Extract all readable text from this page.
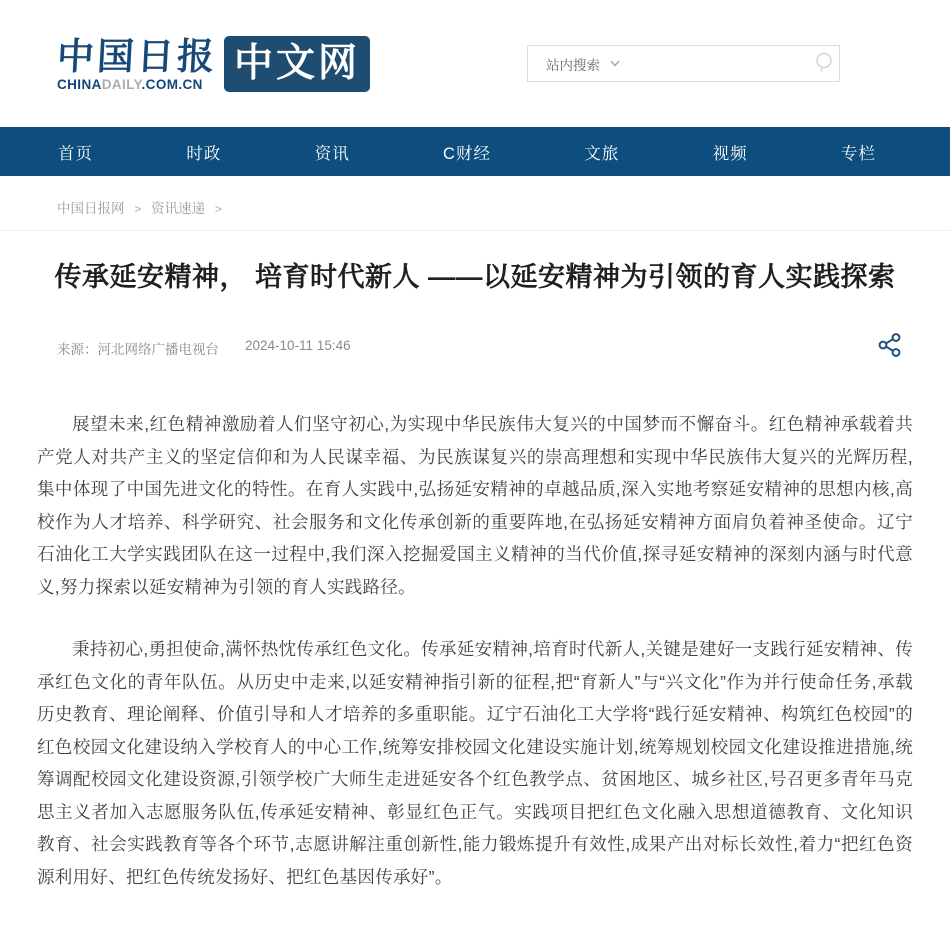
中国日报
CHINADAILY.COM.CN 中文网	站内搜索
首页	时政	资讯	C财经	文旅	视频	专栏
中国日报网 > 资讯速递 >
传承延安精神， 培育时代新人 ——以延安精神为引领的育人实践探索
来源：河北网络广播电视台 2024-10-11 15:46

展望未来,红色精神激励着人们坚守初心,为实现中华民族伟大复兴的中国梦而不懈奋斗。红色精神承载着共产党人对共产主义的坚定信仰和为人民谋幸福、为民族谋复兴的崇高理想和实现中华民族伟大复兴的光辉历程,集中体现了中国先进文化的特性。在育人实践中,弘扬延安精神的卓越品质,深入实地考察延安精神的思想内核,高校作为人才培养、科学研究、社会服务和文化传承创新的重要阵地,在弘扬延安精神方面肩负着神圣使命。辽宁石油化工大学实践团队在这一过程中,我们深入挖掘爱国主义精神的当代价值,探寻延安精神的深刻内涵与时代意义,努力探索以延安精神为引领的育人实践路径。

秉持初心,勇担使命,满怀热忱传承红色文化。传承延安精神,培育时代新人,关键是建好一支践行延安精神、传承红色文化的青年队伍。从历史中走来,以延安精神指引新的征程,把“育新人”与“兴文化”作为并行使命任务,承载历史教育、理论阐释、价值引导和人才培养的多重职能。辽宁石油化工大学将“践行延安精神、构筑红色校园”的红色校园文化建设纳入学校育人的中心工作,统筹安排校园文化建设实施计划,统筹规划校园文化建设推进措施,统筹调配校园文化建设资源,引领学校广大师生走进延安各个红色教学点、贫困地区、城乡社区,号召更多青年马克思主义者加入志愿服务队伍,传承延安精神、彰显红色正气。实践项目把红色文化融入思想道德教育、文化知识教育、社会实践教育等各个环节,志愿讲解注重创新性,能力锻炼提升有效性,成果产出对标长效性,着力“把红色资源利用好、把红色传统发扬好、把红色基因传承好”。
